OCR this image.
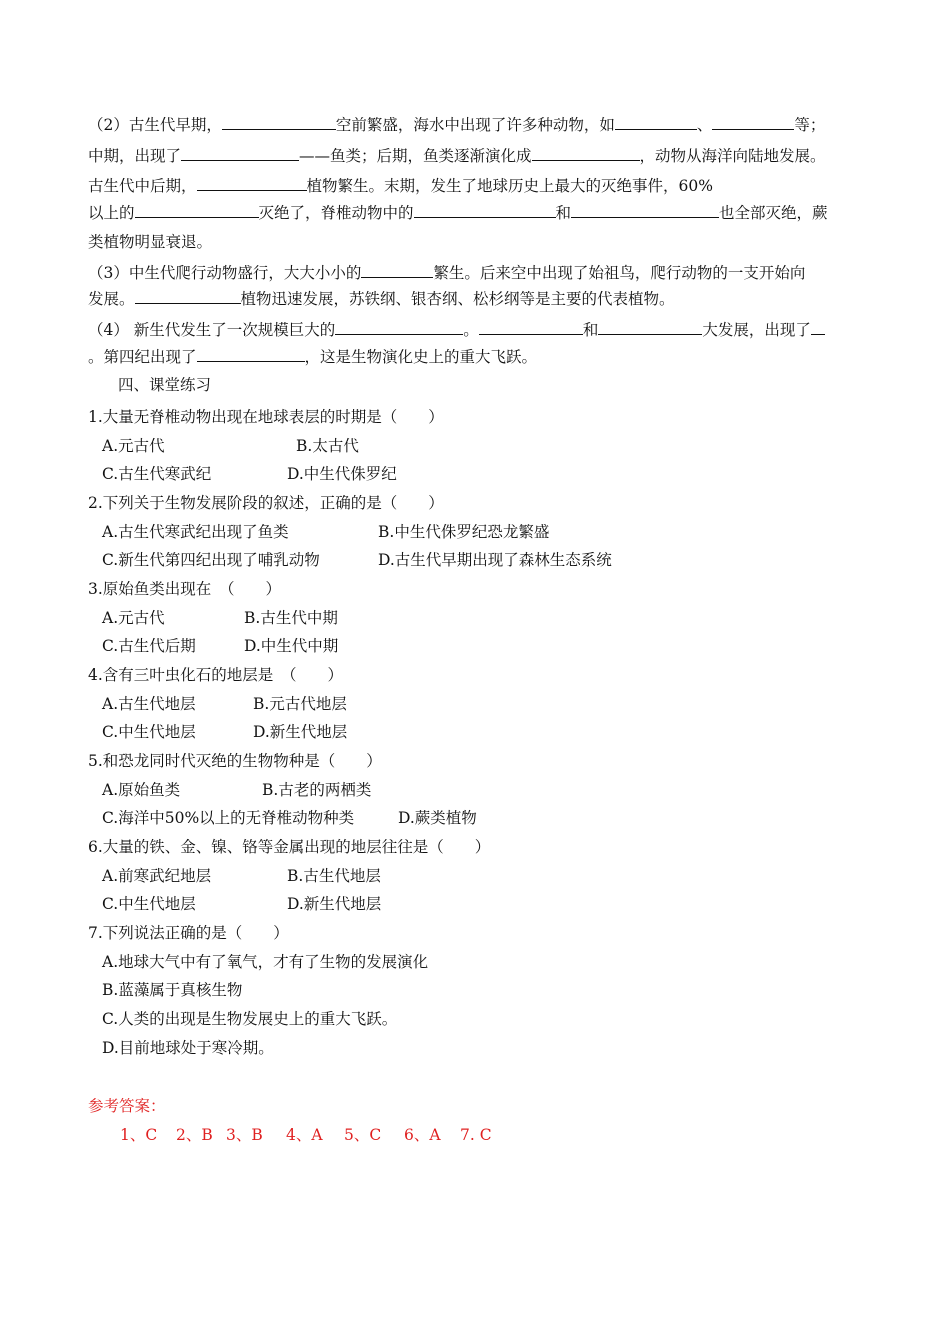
（2）古生代早期，	空前繁盛，海水中出现了许多种动物，如	、	等；
中期，出现了	——鱼类；后期，鱼类逐渐演化成	，动物从海洋向陆地发展。
古生代中后期，	植物繁生。末期，发生了地球历史上最大的灭绝事件，60%
以上的	灭绝了，脊椎动物中的	和	也全部灭绝，蕨
类植物明显衰退。
（3）中生代爬行动物盛行，大大小小的	繁生。后来空中出现了始祖鸟，爬行动物的一支开始向
发展。	植物迅速发展，苏铁纲、银杏纲、松杉纲等是主要的代表植物。
（4） 新生代发生了一次规模巨大的	。	和	大发展，出现了
。第四纪出现了	，这是生物演化史上的重大飞跃。
四、课堂练习
1.大量无脊椎动物出现在地球表层的时期是（　　）
A.元古代	B.太古代
C.古生代寒武纪	D.中生代侏罗纪
2.下列关于生物发展阶段的叙述，正确的是（　　）
A.古生代寒武纪出现了鱼类	B.中生代侏罗纪恐龙繁盛
C.新生代第四纪出现了哺乳动物	D.古生代早期出现了森林生态系统
3.原始鱼类出现在　（　　）
A.元古代	B.古生代中期
C.古生代后期	D.中生代中期
4.含有三叶虫化石的地层是　（　　）
A.古生代地层	B.元古代地层
C.中生代地层	D.新生代地层
5.和恐龙同时代灭绝的生物物种是（　　）
A.原始鱼类	B.古老的两栖类
C.海洋中50%以上的无脊椎动物种类	D.蕨类植物
6.大量的铁、金、镍、铬等金属出现的地层往往是（　　）
A.前寒武纪地层	B.古生代地层
C.中生代地层	D.新生代地层
7.下列说法正确的是（　　）
A.地球大气中有了氧气，才有了生物的发展演化
B.蓝藻属于真核生物
C.人类的出现是生物发展史上的重大飞跃。
D.目前地球处于寒冷期。
参考答案：
1、C 2、B 3、B 4、A 5、C 6、A 7. C
